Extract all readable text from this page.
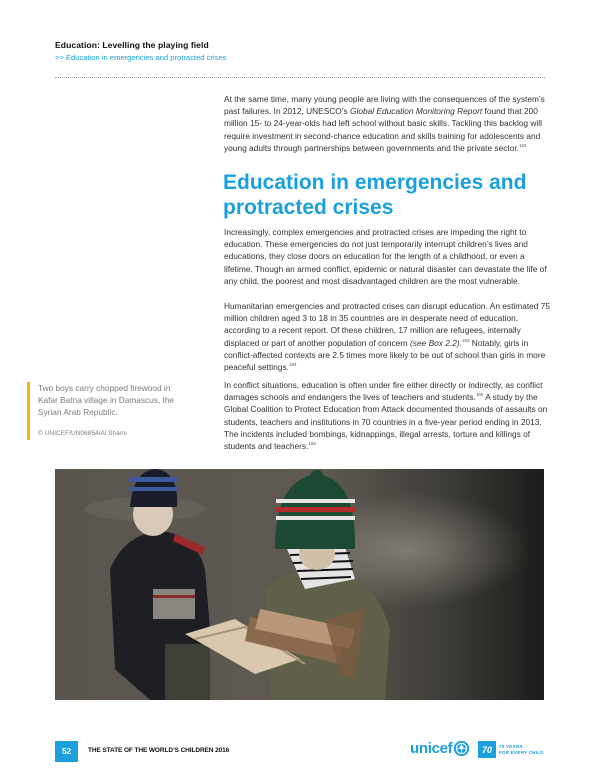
Education: Levelling the playing field
>> Education in emergencies and protracted crises

At the same time, many young people are living with the consequences of the system’s past failures. In 2012, UNESCO’s Global Education Monitoring Report found that 200 million 15- to 24-year-olds had left school without basic skills. Tackling this backlog will require investment in second-chance education and skills training for adolescents and young adults through partnerships between governments and the private sector.$^{162}$

Education in emergencies and protracted crises

Increasingly, complex emergencies and protracted crises are impeding the right to education. These emergencies do not just temporarily interrupt children’s lives and educations, they close doors on education for the length of a childhood, or even a lifetime. Though an armed conflict, epidemic or natural disaster can devastate the life of any child, the poorest and most disadvantaged children are the most vulnerable.

Humanitarian emergencies and protracted crises can disrupt education. An estimated 75 million children aged 3 to 18 in 35 countries are in desperate need of education, according to a recent report. Of these children, 17 million are refugees, internally displaced or part of another population of concern (see Box 2.2).$^{163}$ Notably, girls in conflict-affected contexts are 2.5 times more likely to be out of school than girls in more peaceful settings.$^{164}$

In conflict situations, education is often under fire either directly or indirectly, as conflict damages schools and endangers the lives of teachers and students.$^{165}$ A study by the Global Coalition to Protect Education from Attack documented thousands of assaults on students, teachers and institutions in 70 countries in a five-year period ending in 2013. The incidents included bombings, kidnappings, illegal arrests, torture and killings of students and teachers.$^{166}$

Two boys carry chopped firewood in Kafar Batna village in Damascus, the Syrian Arab Republic.

© UNICEF/UN06854/Al Shami
52	THE STATE OF THE WORLD’S CHILDREN 2016	unicef	70	70 YEARS
FOR EVERY CHILD
